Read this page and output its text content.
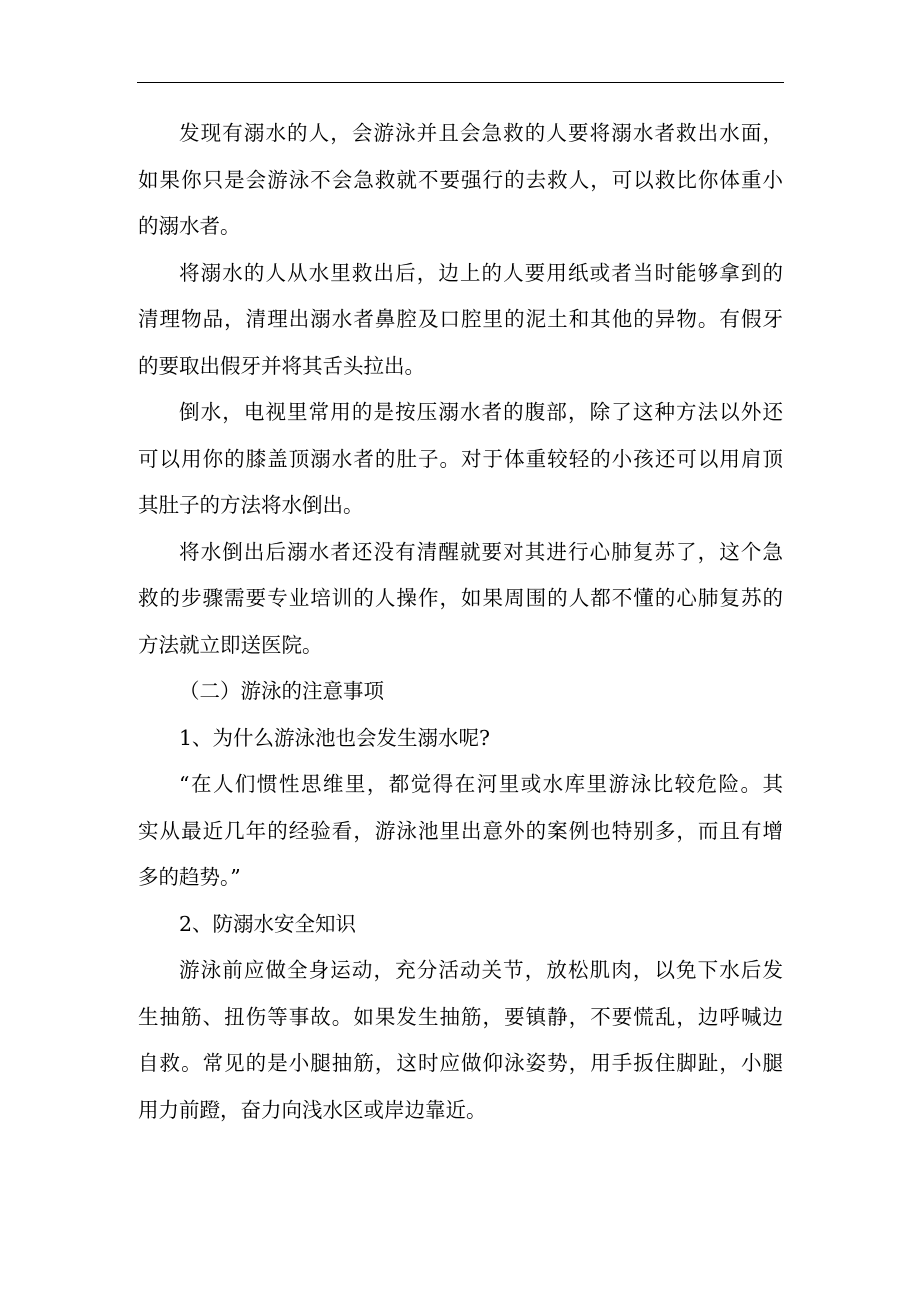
发现有溺水的人，会游泳并且会急救的人要将溺水者救出水面，
如果你只是会游泳不会急救就不要强行的去救人，可以救比你体重小
的溺水者。
将溺水的人从水里救出后，边上的人要用纸或者当时能够拿到的
清理物品，清理出溺水者鼻腔及口腔里的泥土和其他的异物。有假牙
的要取出假牙并将其舌头拉出。
倒水，电视里常用的是按压溺水者的腹部，除了这种方法以外还
可以用你的膝盖顶溺水者的肚子。对于体重较轻的小孩还可以用肩顶
其肚子的方法将水倒出。
将水倒出后溺水者还没有清醒就要对其进行心肺复苏了，这个急
救的步骤需要专业培训的人操作，如果周围的人都不懂的心肺复苏的
方法就立即送医院。
（二）游泳的注意事项
1、为什么游泳池也会发生溺水呢?
“在人们惯性思维里，都觉得在河里或水库里游泳比较危险。其
实从最近几年的经验看，游泳池里出意外的案例也特别多，而且有增
多的趋势。”
2、防溺水安全知识
游泳前应做全身运动，充分活动关节，放松肌肉，以免下水后发
生抽筋、扭伤等事故。如果发生抽筋，要镇静，不要慌乱，边呼喊边
自救。常见的是小腿抽筋，这时应做仰泳姿势，用手扳住脚趾，小腿
用力前蹬，奋力向浅水区或岸边靠近。
